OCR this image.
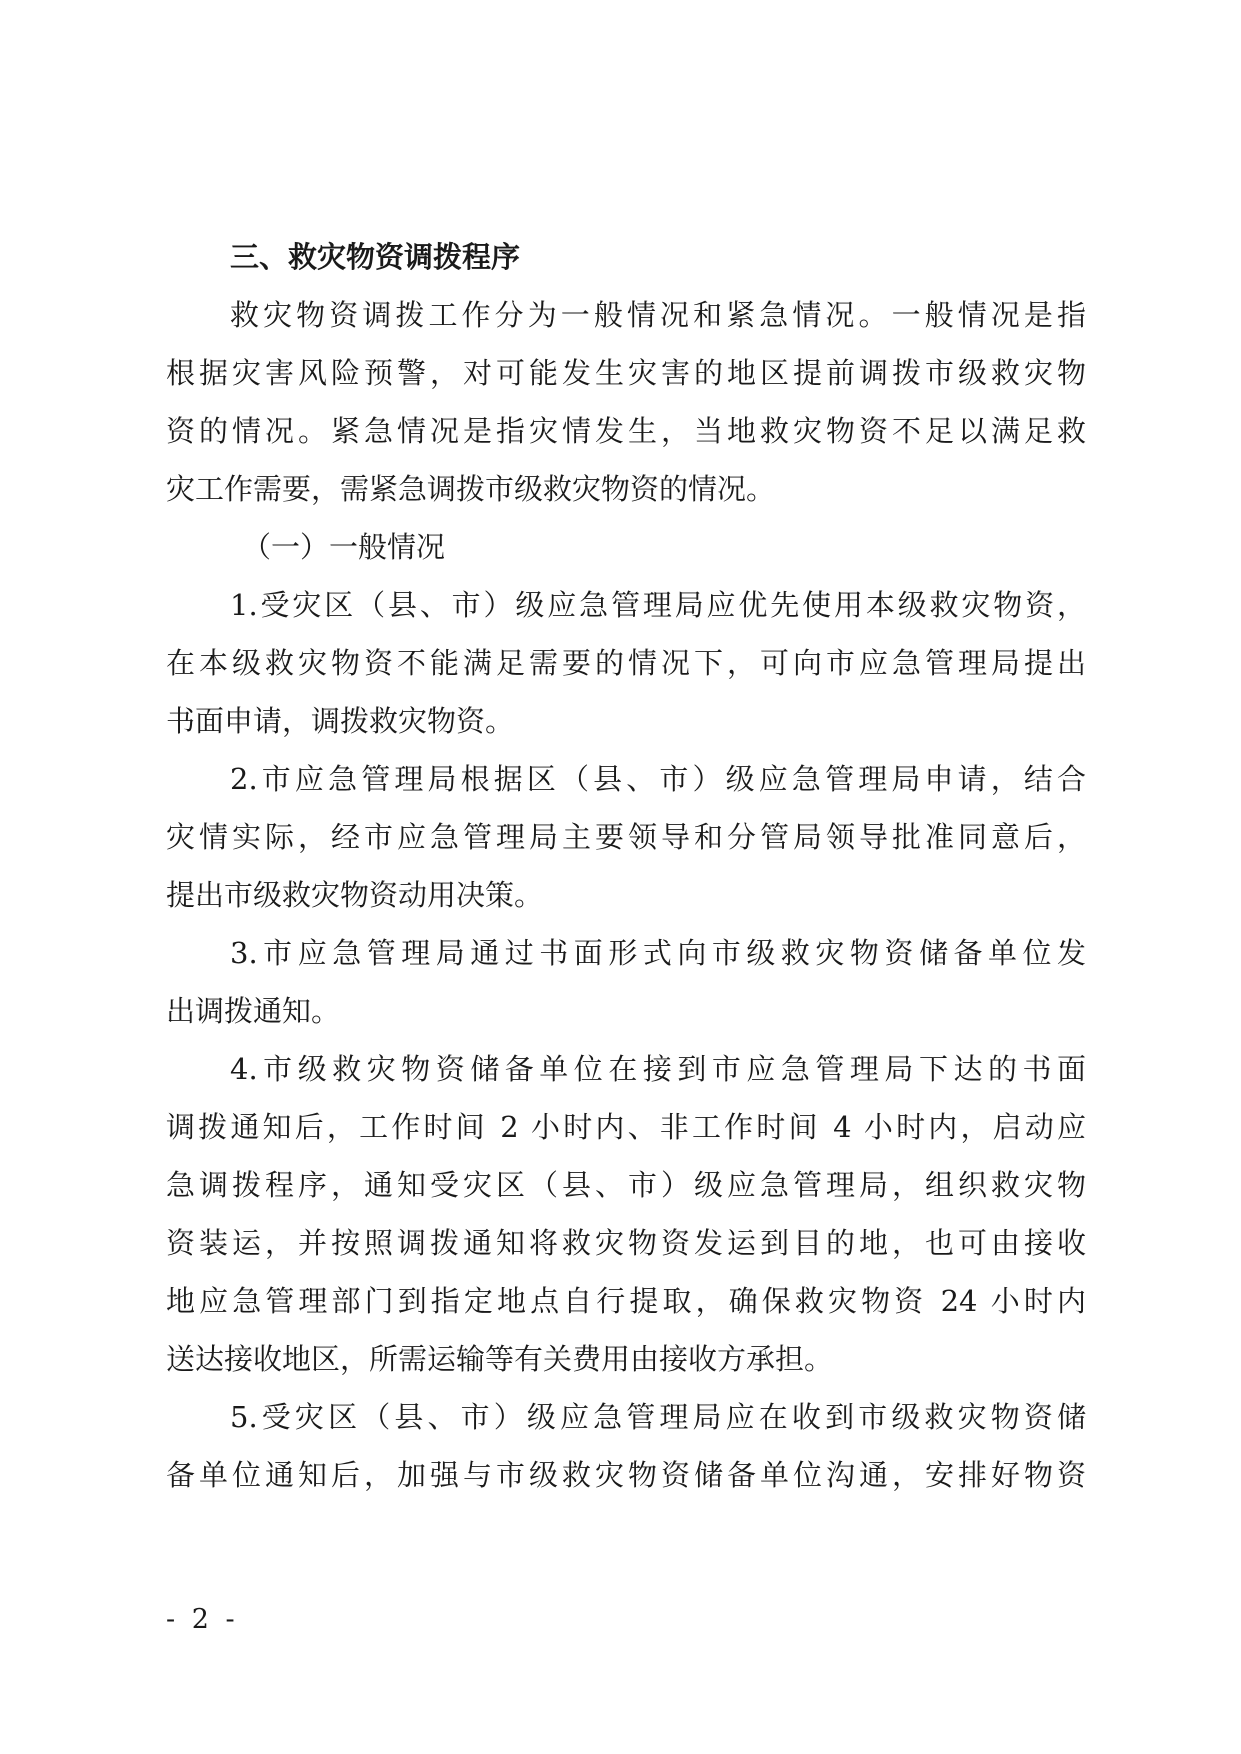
三、救灾物资调拨程序
救灾物资调拨工作分为一般情况和紧急情况。一般情况是指
根据灾害风险预警，对可能发生灾害的地区提前调拨市级救灾物
资的情况。紧急情况是指灾情发生，当地救灾物资不足以满足救
灾工作需要，需紧急调拨市级救灾物资的情况。
（一）一般情况
1.受灾区（县、市）级应急管理局应优先使用本级救灾物资，
在本级救灾物资不能满足需要的情况下，可向市应急管理局提出
书面申请，调拨救灾物资。
2.市应急管理局根据区（县、市）级应急管理局申请，结合
灾情实际，经市应急管理局主要领导和分管局领导批准同意后，
提出市级救灾物资动用决策。
3.市应急管理局通过书面形式向市级救灾物资储备单位发
出调拨通知。
4.市级救灾物资储备单位在接到市应急管理局下达的书面
调拨通知后，工作时间 2 小时内、非工作时间 4 小时内，启动应
急调拨程序，通知受灾区（县、市）级应急管理局，组织救灾物
资装运，并按照调拨通知将救灾物资发运到目的地，也可由接收
地应急管理部门到指定地点自行提取，确保救灾物资 24 小时内
送达接收地区，所需运输等有关费用由接收方承担。
5.受灾区（县、市）级应急管理局应在收到市级救灾物资储
备单位通知后，加强与市级救灾物资储备单位沟通，安排好物资
- 2 -
